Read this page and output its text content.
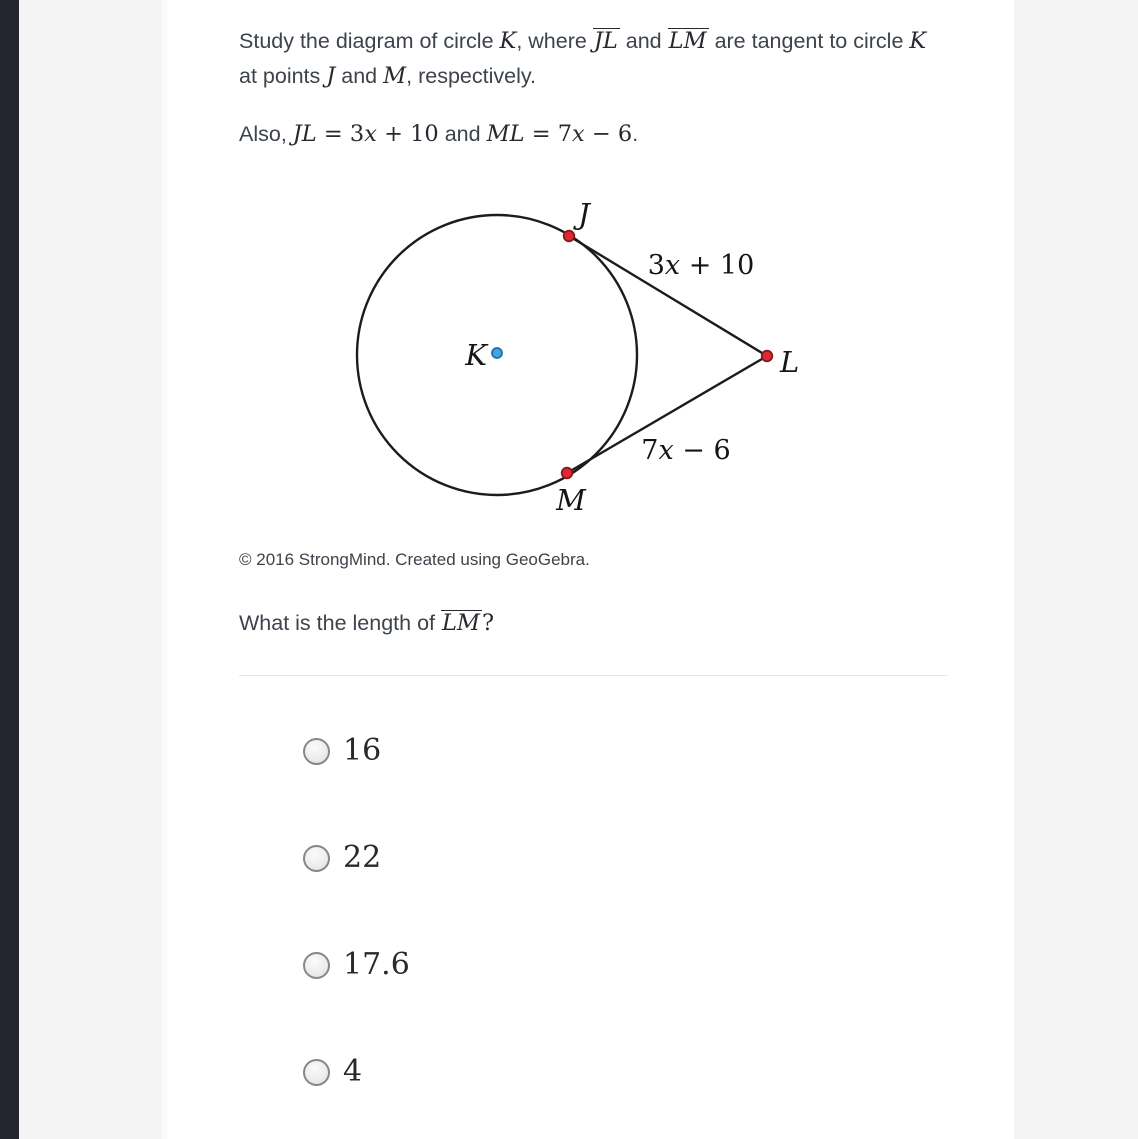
Study the diagram of circle K, where JL and LM are tangent to circle K at points J and M, respectively.

Also, JL = 3x + 10 and ML = 7x − 6.

K
J
M
L
3x + 10
7x − 6
© 2016 StrongMind. Created using GeoGebra.

What is the length of LM?

16
22
17.6
4
